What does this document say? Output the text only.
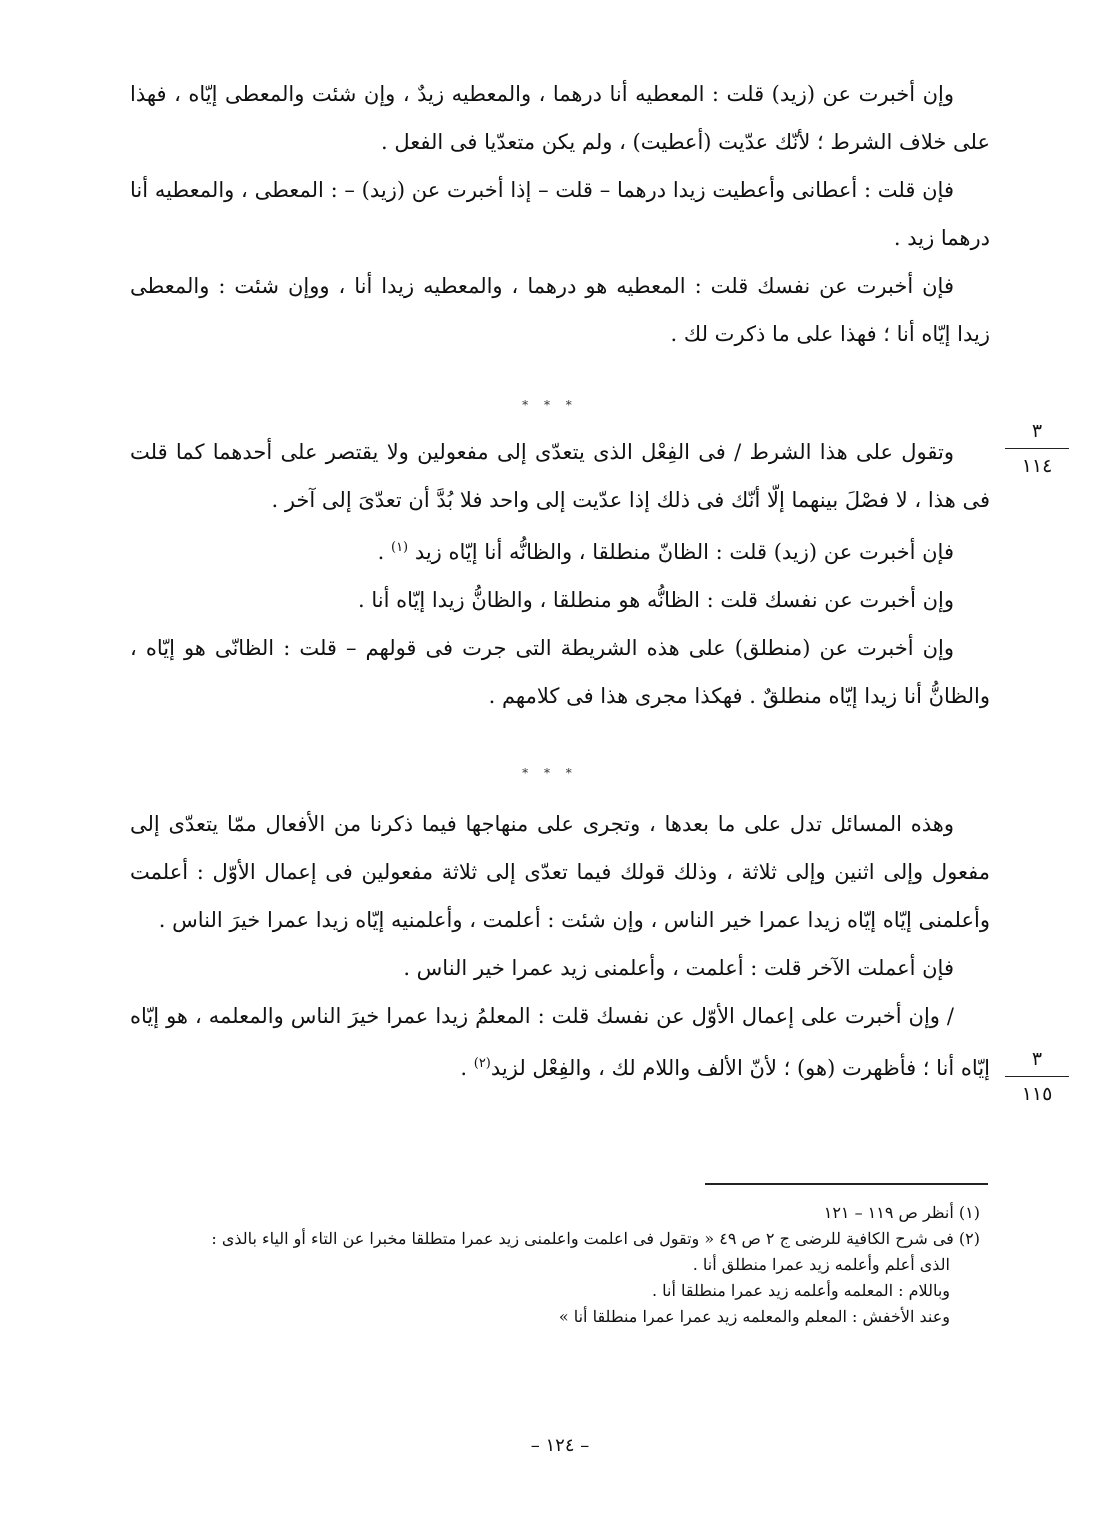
وإن أخبرت عن (زيد) قلت : المعطيه أنا درهما ، والمعطيه زيدٌ ، وإن شئت والمعطى إيّاه ، فهذا على خلاف الشرط ؛ لأنّك عدّيت (أعطيت) ، ولم يكن متعدّيا فى الفعل .

فإن قلت : أعطانى وأعطيت زيدا درهما – قلت – إذا أخبرت عن (زيد) – : المعطى ، والمعطيه أنا درهما زيد .

فإن أخبرت عن نفسك قلت : المعطيه هو درهما ، والمعطيه زيدا أنا ، ووإن شئت : والمعطى زيدا إيّاه أنا ؛ فهذا على ما ذكرت لك .

* * *

وتقول على هذا الشرط / فى الفِعْل الذى يتعدّى إلى مفعولين ولا يقتصر على أحدهما كما قلت فى هذا ، لا فصْلَ بينهما إلّا أنّك فى ذلك إذا عدّيت إلى واحد فلا بُدَّ أن تعدّىَ إلى آخر .

فإن أخبرت عن (زيد) قلت : الظانّ منطلقا ، والظانُّه أنا إيّاه زيد $^{(١)}$ .

وإن أخبرت عن نفسك قلت : الظانُّه هو منطلقا ، والظانُّ زيدا إيّاه أنا .

وإن أخبرت عن (منطلق) على هذه الشريطة التى جرت فى قولهم – قلت : الظانّى هو إيّاه ، والظانُّ أنا زيدا إيّاه منطلقٌ . فهكذا مجرى هذا فى كلامهم .

* * *

وهذه المسائل تدل على ما بعدها ، وتجرى على منهاجها فيما ذكرنا من الأفعال ممّا يتعدّى إلى مفعول وإلى اثنين وإلى ثلاثة ، وذلك قولك فيما تعدّى إلى ثلاثة مفعولين فى إعمال الأوّل : أعلمت وأعلمنى إيّاه إيّاه زيدا عمرا خير الناس ، وإن شئت : أعلمت ، وأعلمنيه إيّاه زيدا عمرا خيرَ الناس .

فإن أعملت الآخر قلت : أعلمت ، وأعلمنى زيد عمرا خير الناس .

/ وإن أخبرت على إعمال الأوّل عن نفسك قلت : المعلمُ زيدا عمرا خيرَ الناس والمعلمه ، هو إيّاه إيّاه أنا ؛ فأظهرت (هو) ؛ لأنّ الألف واللام لك ، والفِعْل لزيد$^{(٢)}$ .

٣
١١٤
٣
١١٥

(١) أنظر ص ١١٩ – ١٢١

(٢) فى شرح الكافية للرضى ج ٢ ص ٤٩ « وتقول فى اعلمت واعلمنى زيد عمرا متطلقا مخبرا عن التاء أو الياء بالذى :

الذى أعلم وأعلمه زيد عمرا منطلق أنا .

وباللام : المعلمه وأعلمه زيد عمرا منطلقا أنا .

وعند الأخفش : المعلم والمعلمه زيد عمرا عمرا منطلقا أنا »

– ١٢٤ –
